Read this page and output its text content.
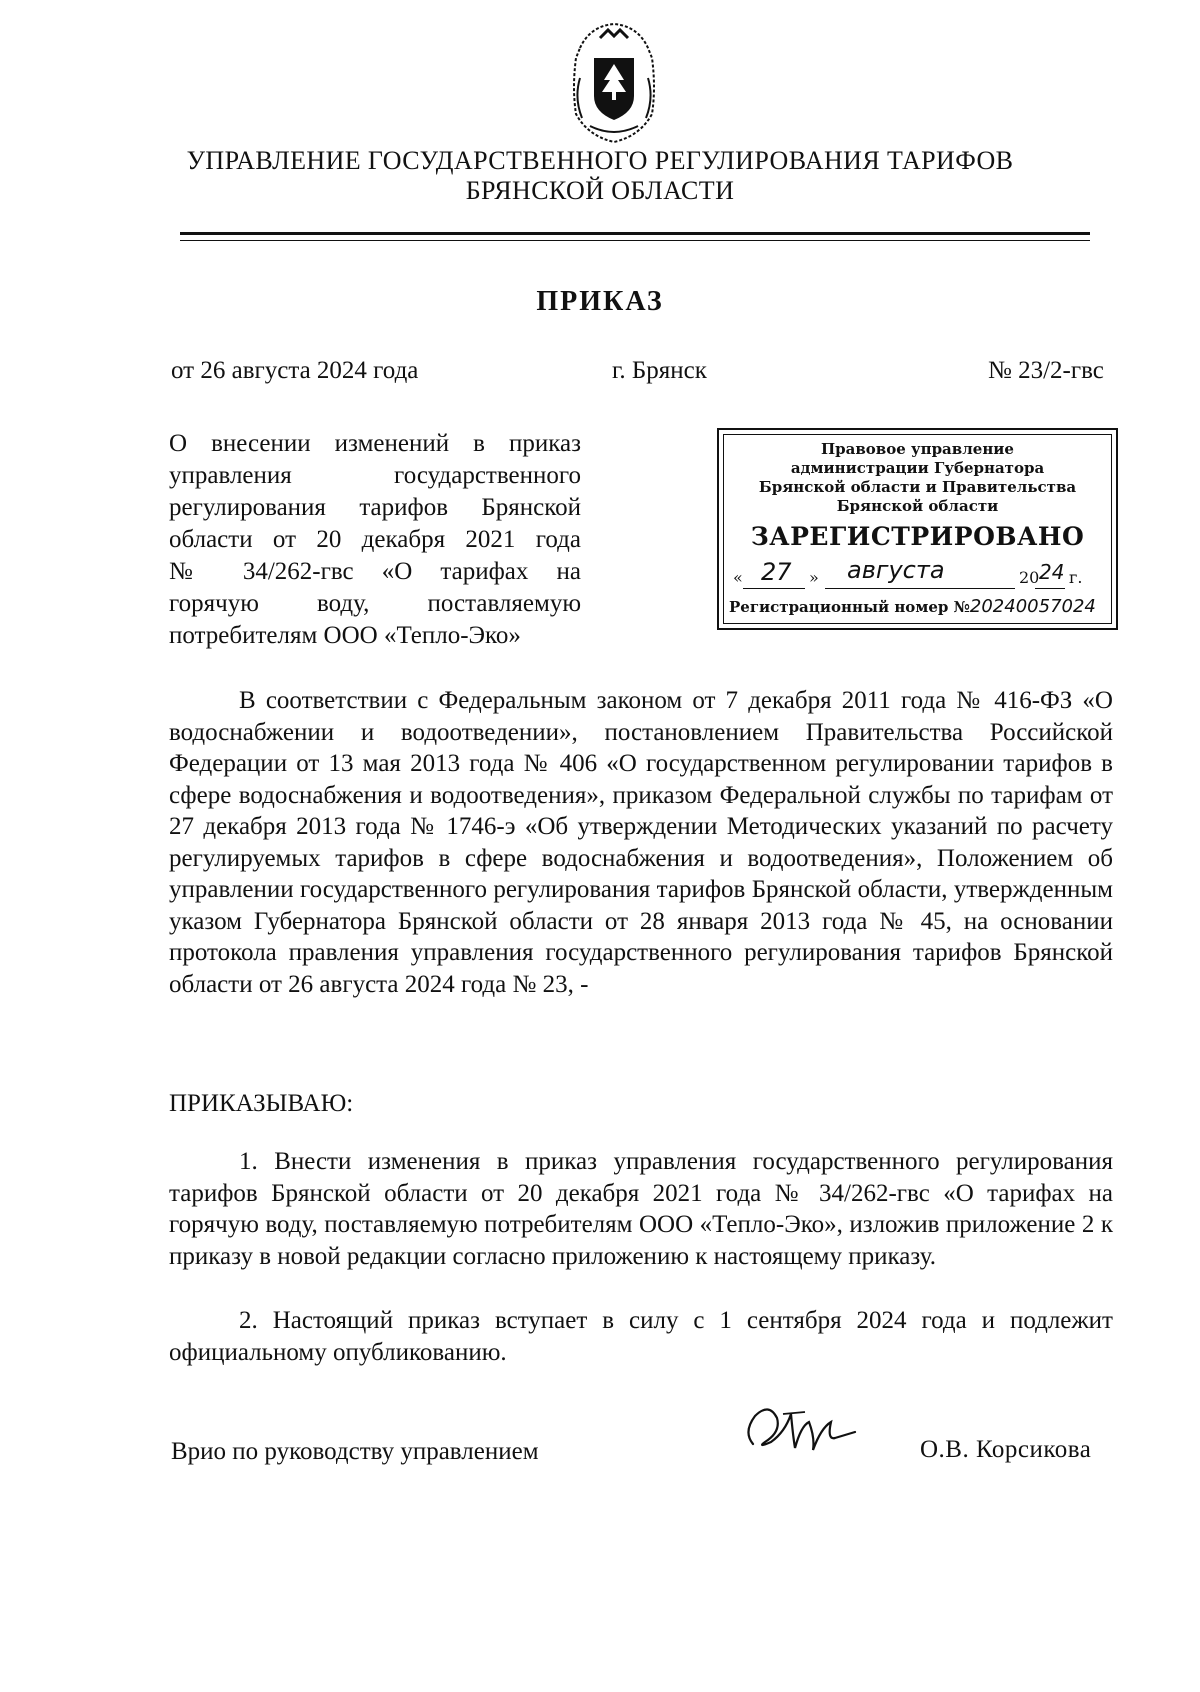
УПРАВЛЕНИЕ ГОСУДАРСТВЕННОГО РЕГУЛИРОВАНИЯ ТАРИФОВ
БРЯНСКОЙ ОБЛАСТИ
ПРИКАЗ
от 26 августа 2024 года	г. Брянск	№ 23/2-гвс
О внесении изменений в приказ
управления государственного
регулирования тарифов Брянской
области от 20 декабря 2021 года
№ 34/262-гвс «О тарифах на
горячую воду, поставляемую
потребителям ООО «Тепло-Эко»
Правовое управление
администрации Губернатора
Брянской области и Правительства
Брянской области
ЗАРЕГИСТРИРОВАНО
« 27 » августа	20 24 г.
Регистрационный номер №20240057024
В соответствии с Федеральным законом от 7 декабря 2011 года № 416-ФЗ «О водоснабжении и водоотведении», постановлением Правительства Российской Федерации от 13 мая 2013 года № 406 «О государственном регулировании тарифов в сфере водоснабжения и водоотведения», приказом Федеральной службы по тарифам от 27 декабря 2013 года № 1746-э «Об утверждении Методических указаний по расчету регулируемых тарифов в сфере водоснабжения и водоотведения», Положением об управлении государственного регулирования тарифов Брянской области, утвержденным указом Губернатора Брянской области от 28 января 2013 года № 45, на основании протокола правления управления государственного регулирования тарифов Брянской области от 26 августа 2024 года № 23, -
ПРИКАЗЫВАЮ:
1. Внести изменения в приказ управления государственного регулирования тарифов Брянской области от 20 декабря 2021 года № 34/262-гвс «О тарифах на горячую воду, поставляемую потребителям ООО «Тепло-Эко», изложив приложение 2 к приказу в новой редакции согласно приложению к настоящему приказу.
2. Настоящий приказ вступает в силу с 1 сентября 2024 года и подлежит официальному опубликованию.
Врио по руководству управлением	О.В. Корсикова
